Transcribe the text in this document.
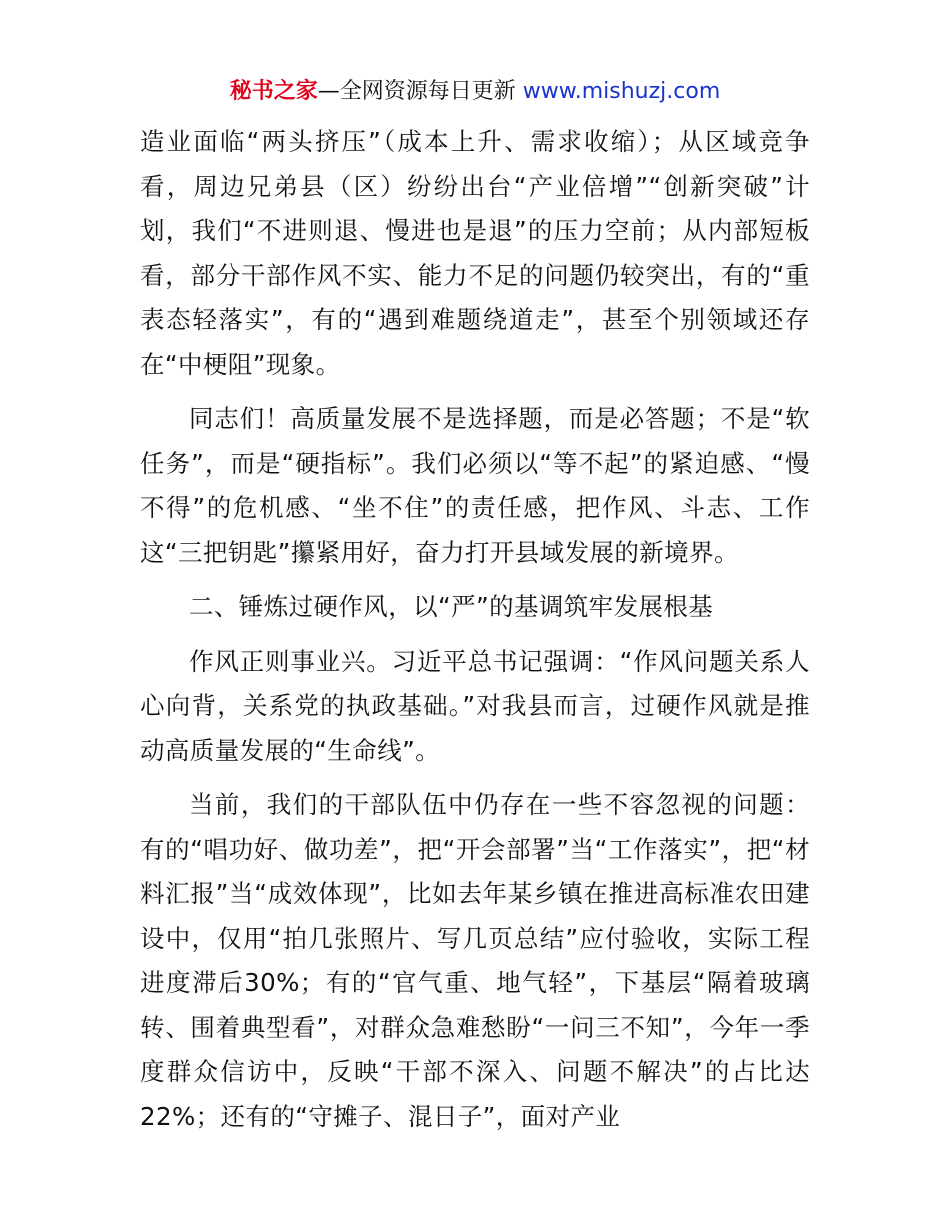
秘书之家—全网资源每日更新 www.mishuzj.com

造业面临“两头挤压”（成本上升、需求收缩）；从区域竞争看，周边兄弟县（区）纷纷出台“产业倍增”“创新突破”计划，我们“不进则退、慢进也是退”的压力空前；从内部短板看，部分干部作风不实、能力不足的问题仍较突出，有的“重表态轻落实”，有的“遇到难题绕道走”，甚至个别领域还存在“中梗阻”现象。

同志们！高质量发展不是选择题，而是必答题；不是“软任务”，而是“硬指标”。我们必须以“等不起”的紧迫感、“慢不得”的危机感、“坐不住”的责任感，把作风、斗志、工作这“三把钥匙”攥紧用好，奋力打开县域发展的新境界。

二、锤炼过硬作风，以“严”的基调筑牢发展根基

作风正则事业兴。习近平总书记强调：“作风问题关系人心向背，关系党的执政基础。”对我县而言，过硬作风就是推动高质量发展的“生命线”。

当前，我们的干部队伍中仍存在一些不容忽视的问题：有的“唱功好、做功差”，把“开会部署”当“工作落实”，把“材料汇报”当“成效体现”，比如去年某乡镇在推进高标准农田建设中，仅用“拍几张照片、写几页总结”应付验收，实际工程进度滞后30%；有的“官气重、地气轻”，下基层“隔着玻璃转、围着典型看”，对群众急难愁盼“一问三不知”，今年一季度群众信访中，反映“干部不深入、问题不解决”的占比达22%；还有的“守摊子、混日子”，面对产业
